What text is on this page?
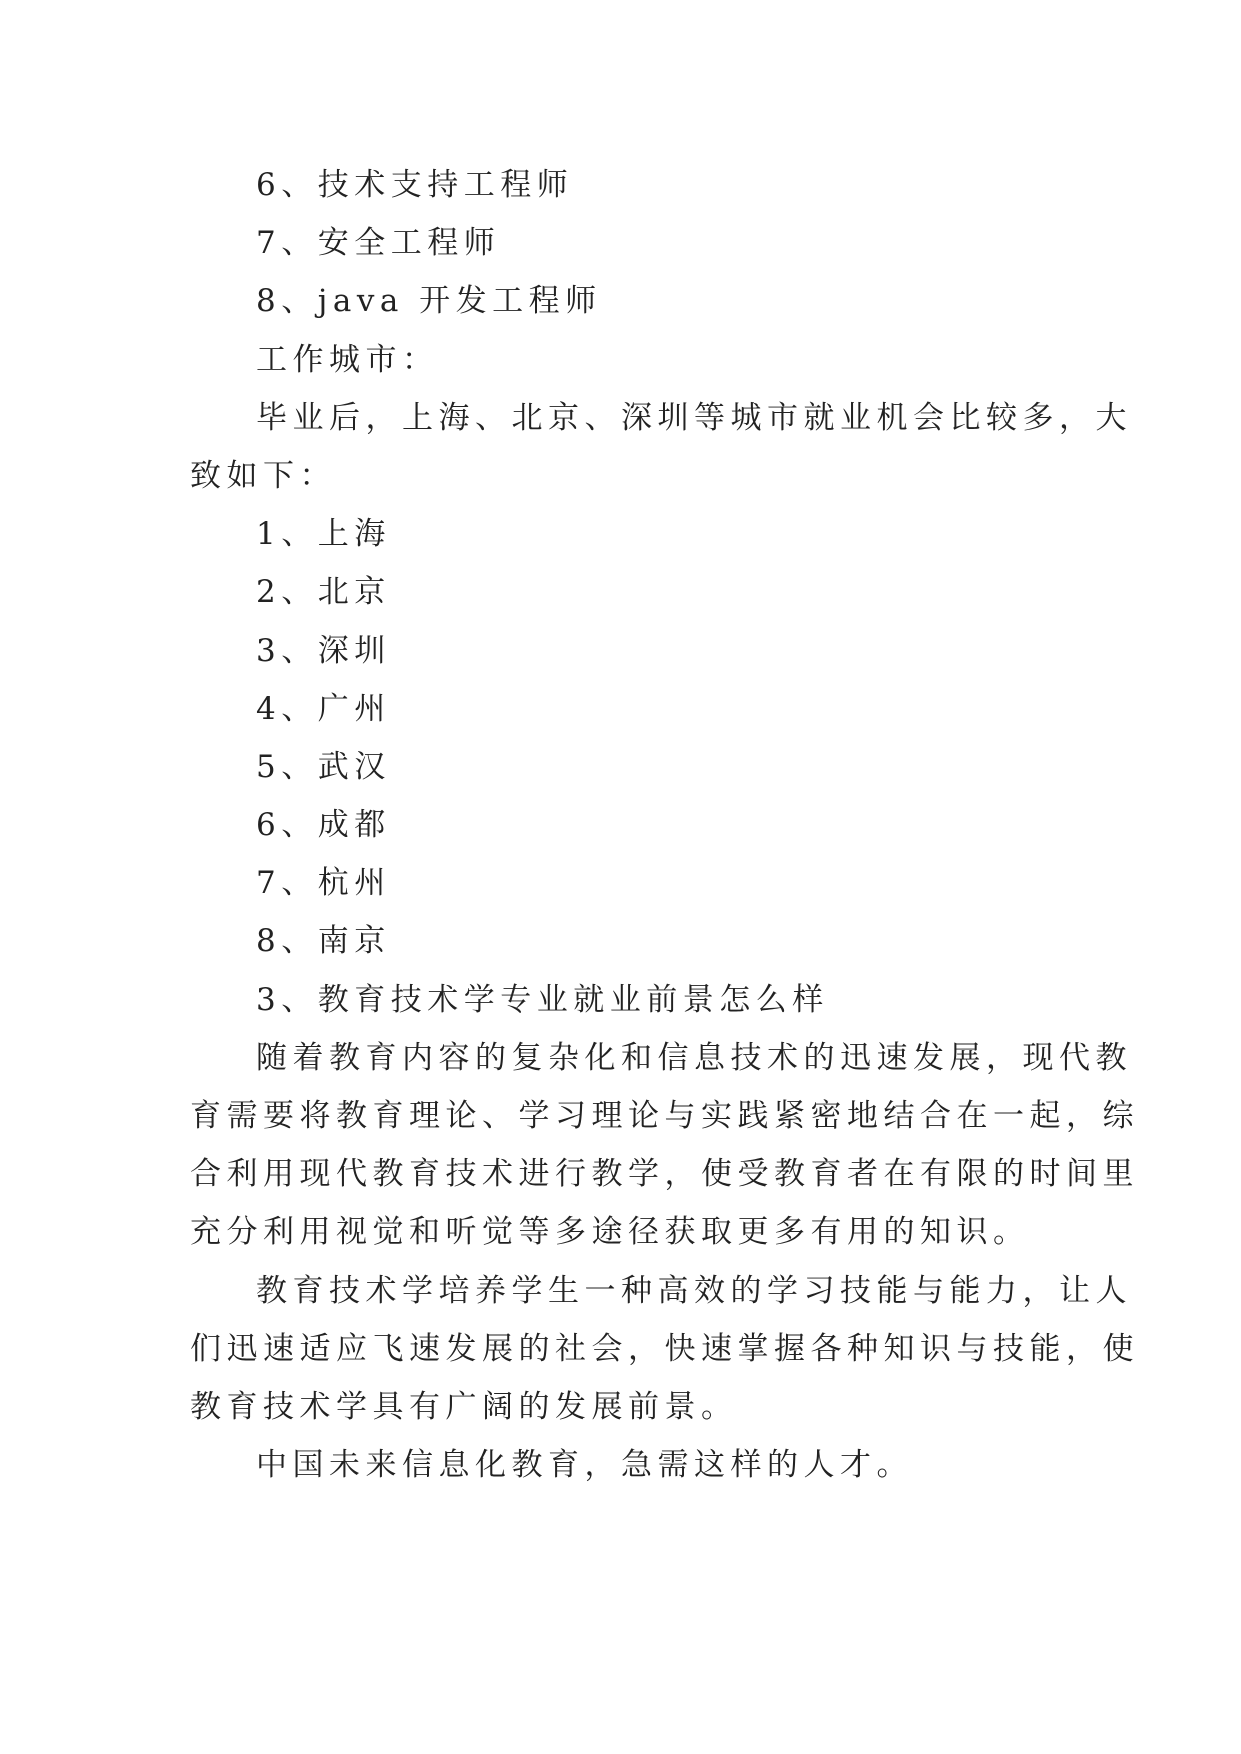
6、技术支持工程师

7、安全工程师

8、java 开发工程师

工作城市：

毕业后，上海、北京、深圳等城市就业机会比较多，大

致如下：

1、上海

2、北京

3、深圳

4、广州

5、武汉

6、成都

7、杭州

8、南京

3、教育技术学专业就业前景怎么样

随着教育内容的复杂化和信息技术的迅速发展，现代教

育需要将教育理论、学习理论与实践紧密地结合在一起，综

合利用现代教育技术进行教学，使受教育者在有限的时间里

充分利用视觉和听觉等多途径获取更多有用的知识。

教育技术学培养学生一种高效的学习技能与能力，让人

们迅速适应飞速发展的社会，快速掌握各种知识与技能，使

教育技术学具有广阔的发展前景。

中国未来信息化教育，急需这样的人才。
